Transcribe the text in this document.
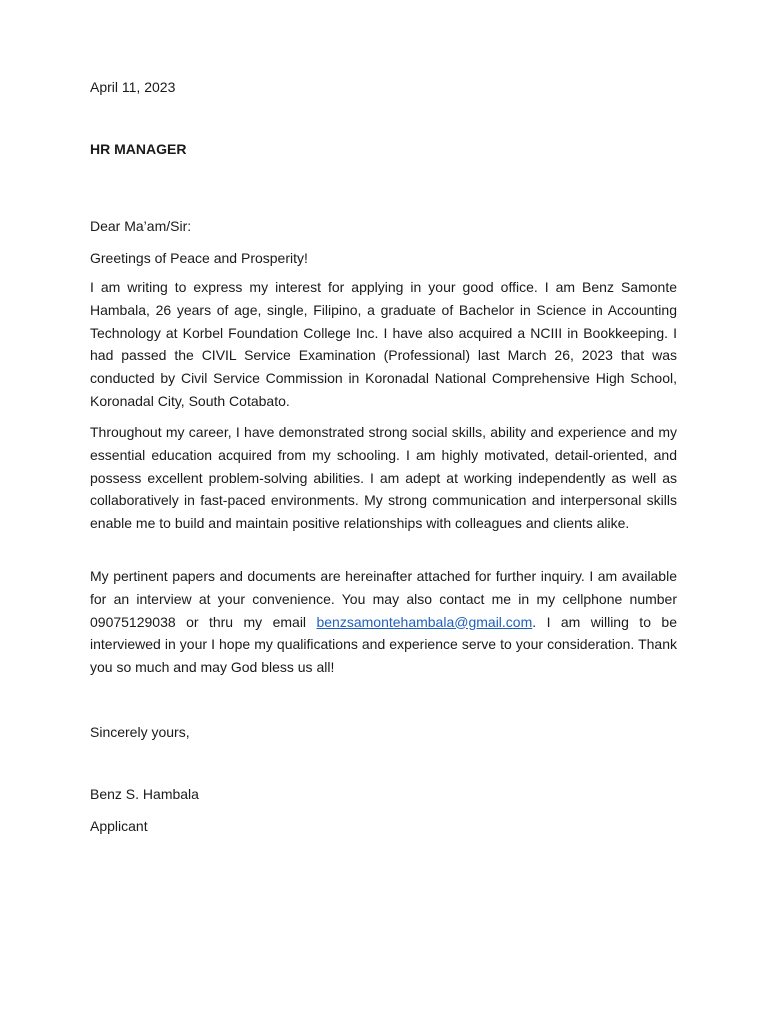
April 11, 2023

HR MANAGER

Dear Ma’am/Sir:

Greetings of Peace and Prosperity!

I am writing to express my interest for applying in your good office. I am Benz Samonte Hambala, 26 years of age, single, Filipino, a graduate of Bachelor in Science in Accounting Technology at Korbel Foundation College Inc. I have also acquired a NCIII in Bookkeeping. I had passed the CIVIL Service Examination (Professional) last March 26, 2023 that was conducted by Civil Service Commission in Koronadal National Comprehensive High School, Koronadal City, South Cotabato.

Throughout my career, I have demonstrated strong social skills, ability and experience and my essential education acquired from my schooling. I am highly motivated, detail-oriented, and possess excellent problem-solving abilities. I am adept at working independently as well as collaboratively in fast-paced environments. My strong communication and interpersonal skills enable me to build and maintain positive relationships with colleagues and clients alike.

My pertinent papers and documents are hereinafter attached for further inquiry. I am available for an interview at your convenience. You may also contact me in my cellphone number 09075129038 or thru my email benzsamontehambala@gmail.com. I am willing to be interviewed in your I hope my qualifications and experience serve to your consideration. Thank you so much and may God bless us all!

Sincerely yours,

Benz S. Hambala

Applicant
